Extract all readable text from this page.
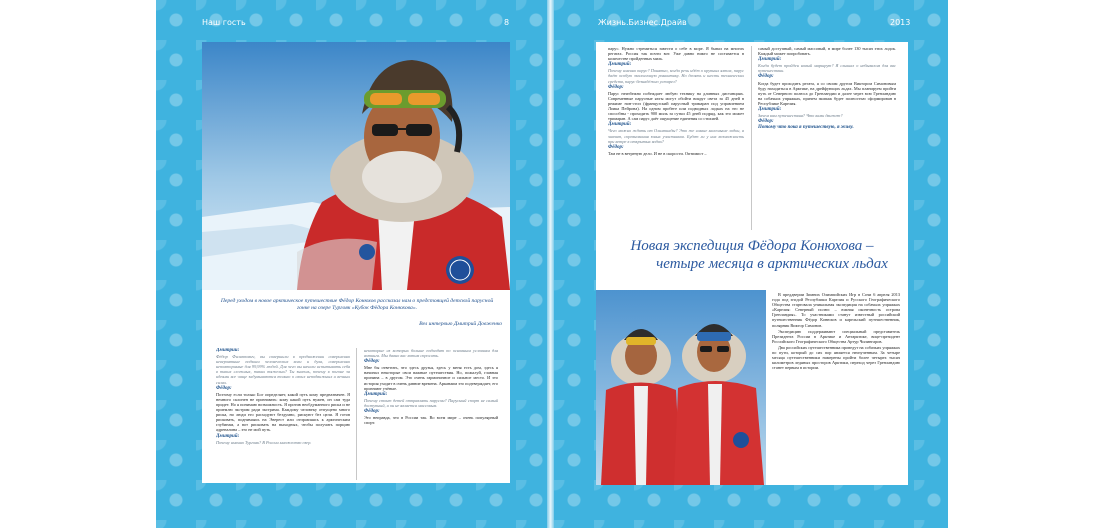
Наш гость	8
Перед уходом в новое арктическое путешествие Фёдор Конюхов рассказал нам о предстоящей детской парусной гонке на озере Тургояк «Кубок Фёдора Конюхова».
Вел интервью Дмитрий Довженко

Дмитрий:

Фёдор Филиппович, вы совершили в продвижении совершенно невероятные подвиги человеческих воли и духа, совершенно неповторимые для 99,99% людей. Для чего вы начали испытывать себя в таких сложных, таких тяжелых? Ты знаешь, почему в погоне за идеями все чаще задумываются только о своих неподвижных и вечных силах.

Фёдор:

Поэтому если только Бог определяет, какой путь кому предназначен. Я немного склонен не признавать: кому какой путь нужен, он сам туда придет. Но я понимаю возможность. Я против необдуманного риска и не приемлю экстрим ради экстрима. Каждому человеку отпущено много риска, но люди его расходуют бездумно, рискуют без цели. Я готов рисковать, поднимаясь на Эверест или отправляясь к арктическим глубинам, а вот рисковать на выходных, чтобы получить порцию адреналина – это не мой путь.

Дмитрий:

Почему именно Тургояк? В России множество озер.

некоторые из которых больше подходят по основным условиям для яхтинга. Мы давно вас хотим спросить.

Фёдор:

Мне бы ответить, что здесь друзья, здесь у меня есть дом, здесь я начинал некоторые свои важные путешествия. Но, пожалуй, главная причина – в другом. Это очень гармоничное и сильное место. И это история уходит в очень давние времена. Арканаим это подтверждает, его признают учёные.

Дмитрий:

Почему стоит детей отправлять парусом? Парусный спорт не самый доступный, и он не является массовым.

Фёдор:

Это неправда, что в России так. Во всем мире – очень популярный спорт.

Жизнь.Бизнес.Драйв	2013

парус. Нужно стремиться завести о себе в море. Я бывал на многих регатах. Россия так почти вот. Уже давно никто не состязается в количестве пройденных миль.

Дмитрий:

Почему именно парус? Понятно, когда речь идёт о крупных яхтах, парус даёт особую экологичную романтику. Но десять и шесть технических средств, парус безнадёжно устарел?

Фёдор:

Парус неизбежно побеждает любую технику на длинных дистанциях. Современные парусные яхты могут обойти вокруг света за 45 дней в режиме нон-стоп (французский парусный тримаран под управлением Лоика Пейрона). На одном пробеге или подводных лодках на это не способны - проходить 900 миль за сутки 45 дней подряд, как это может тримаран. А сам парус даёт ощущение единения со стихией.

Дмитрий:

Чего можно ждать от Олимпиады? Это же самые маленькие лодки, а значит, соревнования юных участников. Будет ли у них возможность при ветре в открытых водах?

Фёдор:

Там не в ветреную дело. И не в скорости. Оптимист –

самый доступный, самый массовый, в мире более 130 тысяч этих лодок. Каждый может попробовать.

Дмитрий:

Когда будет пройден новый маршрут? Я слышал о небывалом для вас путешествии.

Фёдор:

Когда будет проходить регата, я со своим другом Виктором Симоновым буду находиться в Арктике, на дрейфующих льдах. Мы планируем пройти путь от Северного полюса до Гренландии и далее через всю Гренландию на собачьих упряжках, причем экипаж будет полностью сформирован в Республике Карелия.

Дмитрий:

Зачем вам путешествия? Что вами движет?

Фёдор:

Потому что пока я путешествую, я живу.

Новая экспедиция Фёдора Конюхова –
четыре месяца в арктических льдах

В преддверии Зимних Олимпийских Игр в Сочи 6 апреля 2013 года под эгидой Республики Карелия и Русского Географического Общества стартовала уникальная экспедиция на собачьих упряжках «Карелия: Северный полюс – южная оконечность острова Гренландия». То участниками станут известный российский путешественник Фёдор Конюхов и карельский путешественник, полярник Виктор Симонов.

Экспедицию поддерживают специальный представитель Президента России в Арктике и Антарктике, вице-президент Российского Географического Общества Артур Чилингаров.

Два российских путешественника проведут на собачьих упряжках по пути, который до сих пор является неизученным. За четыре месяца путешественники намерены пройти более четырех тысяч километров ледяных просторов Арктики, переход через Гренландию станет первым в истории.
